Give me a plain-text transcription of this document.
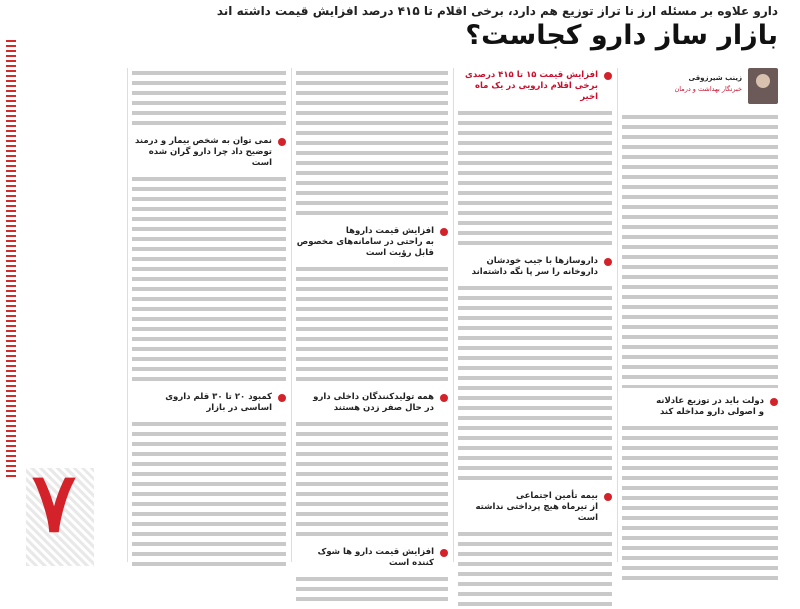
۷
دارو علاوه بر مسئله ارز نا تراز توزیع هم دارد، برخی اقلام تا ۴۱۵ درصد افزایش قیمت داشته اند
بازار ساز دارو کجاست؟
زینب شیرزوقی
خبرنگار بهداشت و درمان
دولت باید در توزیع عادلانه
و اصولی دارو مداخله کند
افزایش قیمت ۱۵ تا ۴۱۵ درصدی
برخی اقلام دارویی در یک ماه اخیر
داروسازها با جیب خودشان
داروخانه را سر پا نگه داشته‌اند
بیمه تأمین اجتماعی
از تیرماه هیچ پرداختی نداشته است
افزایش قیمت داروها
به راحتی در سامانه‌های مخصوص قابل رؤیت است
همه تولیدکنندگان داخلی دارو
در حال صفر زدن هستند
افزایش قیمت دارو ها شوک کننده است
نمی توان به شخص بیمار و درمند
توضیح داد چرا دارو گران شده است
کمبود ۲۰ تا ۳۰ قلم داروی اساسی در بازار
